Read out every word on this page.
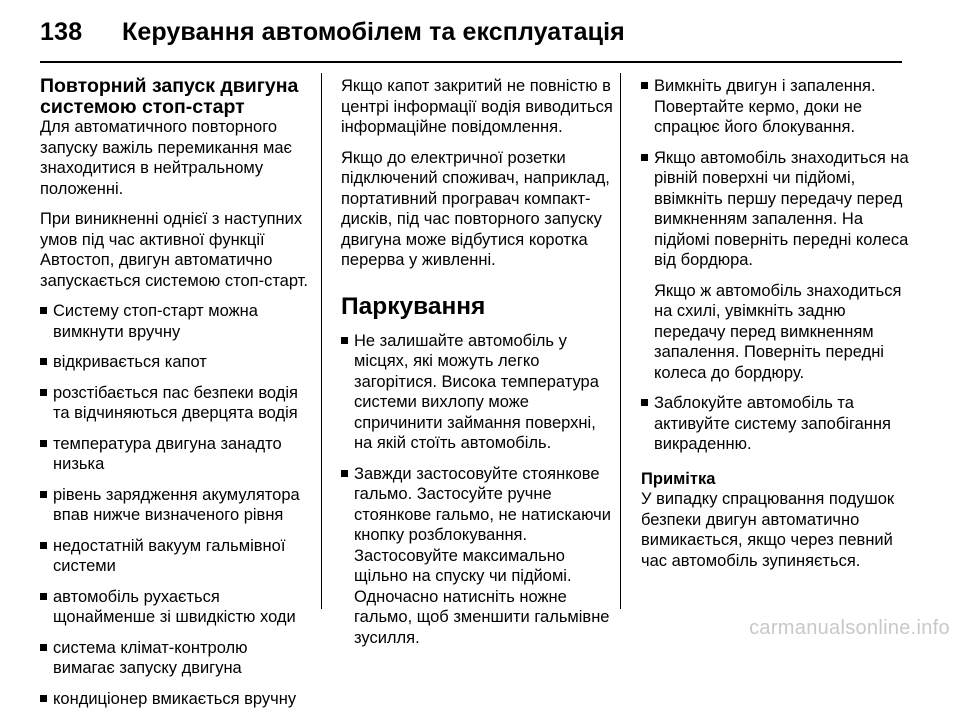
138	Керування автомобілем та експлуатація
Повторний запуск двигуна системою стоп-старт

Для автоматичного повторного запуску важіль перемикання має знаходитися в нейтральному положенні.

При виникненні однієї з наступних умов під час активної функції Автостоп, двигун автоматично запускається системою стоп-старт.

Систему стоп-старт можна вимкнути вручну
відкривається капот
розстібається пас безпеки водія та відчиняються дверцята водія
температура двигуна занадто низька
рівень зарядження акумулятора впав нижче визначеного рівня
недостатній вакуум гальмівної системи
автомобіль рухається щонайменше зі швидкістю ходи
система клімат-контролю вимагає запуску двигуна
кондиціонер вмикається вручну

Якщо капот закритий не повністю в центрі інформації водія виводиться інформаційне повідомлення.

Якщо до електричної розетки підключений споживач, наприклад, портативний програвач компакт-дисків, під час повторного запуску двигуна може відбутися коротка перерва у живленні.

Паркування
Не залишайте автомобіль у місцях, які можуть легко загорітися. Висока температура системи вихлопу може спричинити займання поверхні, на якій стоїть автомобіль.
Завжди застосовуйте стоянкове гальмо. Застосуйте ручне стоянкове гальмо, не натискаючи кнопку розблокування. Застосовуйте максимально щільно на спуску чи підйомі. Одночасно натисніть ножне гальмо, щоб зменшити гальмівне зусилля.
Вимкніть двигун і запалення. Повертайте кермо, доки не спрацює його блокування.
Якщо автомобіль знаходиться на рівній поверхні чи підйомі, ввімкніть першу передачу перед вимкненням запалення. На підйомі поверніть передні колеса від бордюра.
Якщо ж автомобіль знаходиться на схилі, увімкніть задню передачу перед вимкненням запалення. Поверніть передні колеса до бордюру.
Заблокуйте автомобіль та активуйте систему запобігання викраденню.
Примітка

У випадку спрацювання подушок безпеки двигун автоматично вимикається, якщо через певний час автомобіль зупиняється.

carmanualsonline.info
